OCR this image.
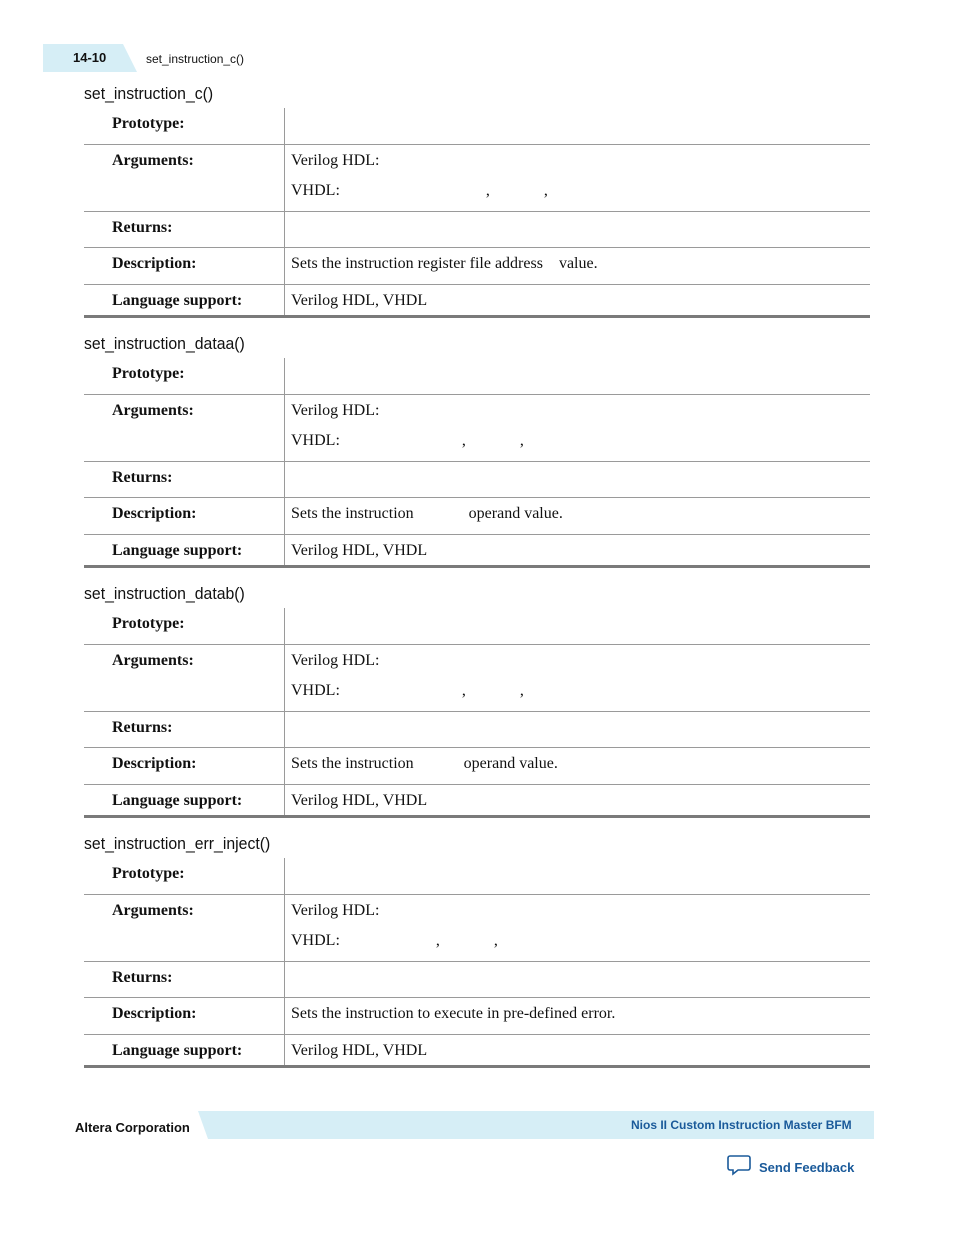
14-10	set_instruction_c()
set_instruction_c()
Prototype:
Arguments:	Verilog HDL:
VHDL:	,	,
Returns:
Description:	Sets the instruction register file address value.
Language support:	Verilog HDL, VHDL
set_instruction_dataa()
Prototype:
Arguments:	Verilog HDL:
VHDL:	,	,
Returns:
Description:	Sets the instruction	operand value.
Language support:	Verilog HDL, VHDL
set_instruction_datab()
Prototype:
Arguments:	Verilog HDL:
VHDL:	,	,
Returns:
Description:	Sets the instruction	operand value.
Language support:	Verilog HDL, VHDL
set_instruction_err_inject()
Prototype:
Arguments:	Verilog HDL:
VHDL:	,	,
Returns:
Description:	Sets the instruction to execute in pre-defined error.
Language support:	Verilog HDL, VHDL
Altera Corporation	Nios II Custom Instruction Master BFM
Send Feedback
